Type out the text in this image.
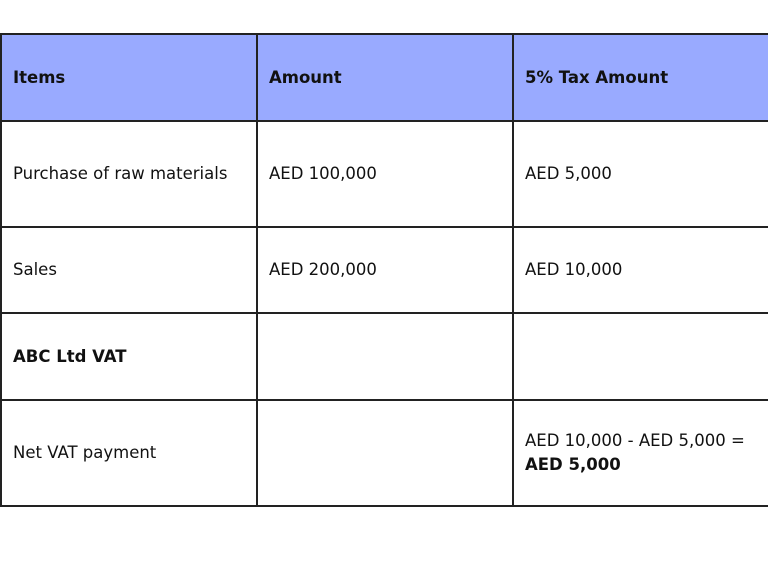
Items	Amount	5% Tax Amount
Purchase of raw materials	AED 100,000	AED 5,000
Sales	AED 200,000	AED 10,000
ABC Ltd VAT		
Net VAT payment		AED 10,000 - AED 5,000 =
AED 5,000
